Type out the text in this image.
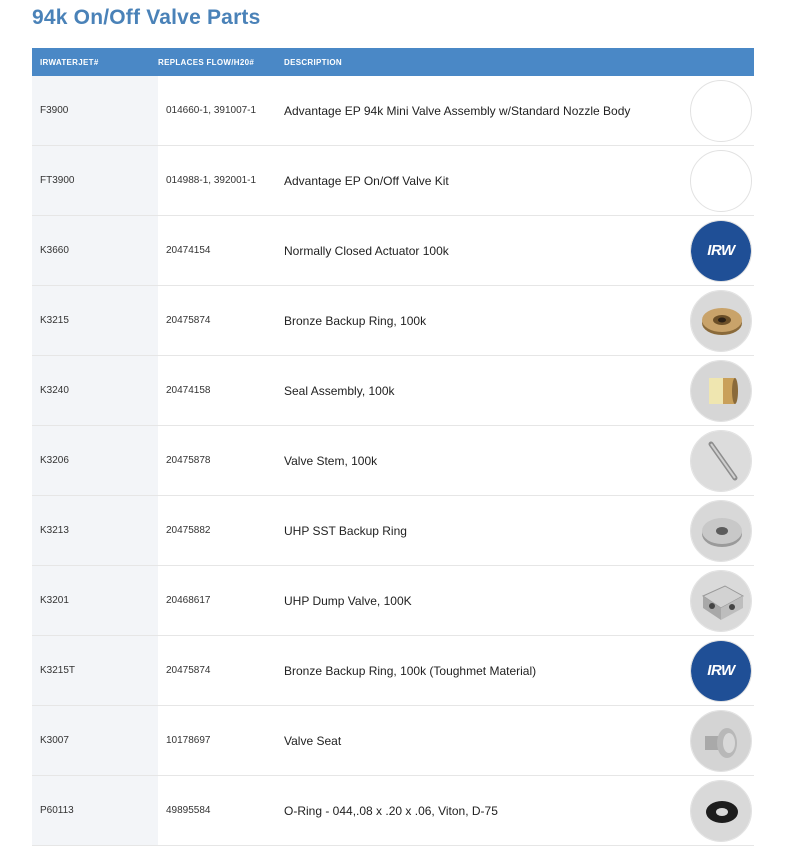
94k On/Off Valve Parts
IRWATERJET#	REPLACES FLOW/H20#	DESCRIPTION
F3900	014660-1, 391007-1	Advantage EP 94k Mini Valve Assembly w/Standard Nozzle Body
FT3900	014988-1, 392001-1	Advantage EP On/Off Valve Kit
K3660	20474154	Normally Closed Actuator 100k	IRW
K3215	20475874	Bronze Backup Ring, 100k
K3240	20474158	Seal Assembly, 100k
K3206	20475878	Valve Stem, 100k
K3213	20475882	UHP SST Backup Ring
K3201	20468617	UHP Dump Valve, 100K
K3215T	20475874	Bronze Backup Ring, 100k (Toughmet Material)	IRW
K3007	10178697	Valve Seat
P60113	49895584	O-Ring - 044,.08 x .20 x .06, Viton, D-75
